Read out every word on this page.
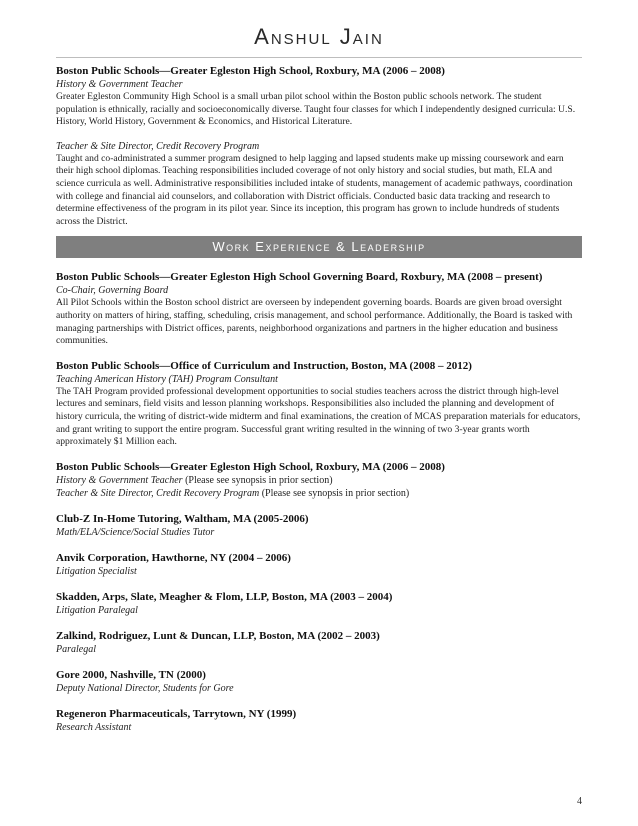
Anshul Jain
Boston Public Schools—Greater Egleston High School, Roxbury, MA (2006 – 2008)
History & Government Teacher
Greater Egleston Community High School is a small urban pilot school within the Boston public schools network. The student population is ethnically, racially and socioeconomically diverse. Taught four classes for which I independently designed curricula: U.S. History, World History, Government & Economics, and Historical Literature.
Teacher & Site Director, Credit Recovery Program
Taught and co-administrated a summer program designed to help lagging and lapsed students make up missing coursework and earn their high school diplomas. Teaching responsibilities included coverage of not only history and social studies, but math, ELA and science curricula as well. Administrative responsibilities included intake of students, management of academic pathways, coordination with college and financial aid counselors, and collaboration with District officials. Conducted basic data tracking and research to determine effectiveness of the program in its pilot year. Since its inception, this program has grown to include hundreds of students across the District.
Work Experience & Leadership
Boston Public Schools—Greater Egleston High School Governing Board, Roxbury, MA (2008 – present)
Co-Chair, Governing Board
All Pilot Schools within the Boston school district are overseen by independent governing boards. Boards are given broad oversight authority on matters of hiring, staffing, scheduling, crisis management, and school performance. Additionally, the Board is tasked with managing partnerships with District offices, parents, neighborhood organizations and partners in the higher education and business communities.
Boston Public Schools—Office of Curriculum and Instruction, Boston, MA (2008 – 2012)
Teaching American History (TAH) Program Consultant
The TAH Program provided professional development opportunities to social studies teachers across the district through high-level lectures and seminars, field visits and lesson planning workshops. Responsibilities also included the planning and development of history curricula, the writing of district-wide midterm and final examinations, the creation of MCAS preparation materials for educators, and grant writing to support the entire program. Successful grant writing resulted in the winning of two 3-year grants worth approximately $1 Million each.
Boston Public Schools—Greater Egleston High School, Roxbury, MA (2006 – 2008)
History & Government Teacher (Please see synopsis in prior section)
Teacher & Site Director, Credit Recovery Program (Please see synopsis in prior section)
Club-Z In-Home Tutoring, Waltham, MA (2005-2006)
Math/ELA/Science/Social Studies Tutor
Anvik Corporation, Hawthorne, NY (2004 – 2006)
Litigation Specialist
Skadden, Arps, Slate, Meagher & Flom, LLP, Boston, MA (2003 – 2004)
Litigation Paralegal
Zalkind, Rodriguez, Lunt & Duncan, LLP, Boston, MA (2002 – 2003)
Paralegal
Gore 2000, Nashville, TN (2000)
Deputy National Director, Students for Gore
Regeneron Pharmaceuticals, Tarrytown, NY (1999)
Research Assistant
4
